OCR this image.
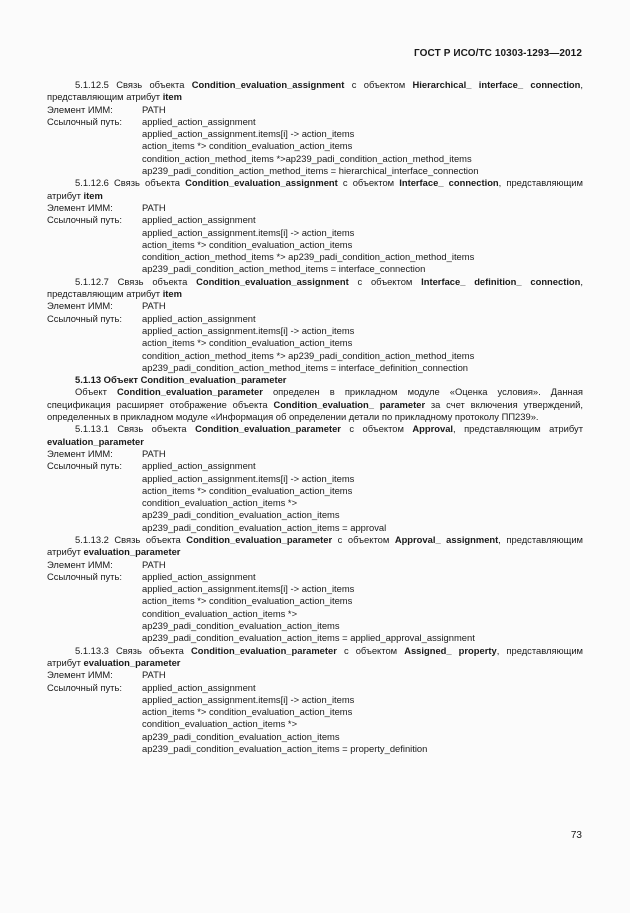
ГОСТ Р ИСО/ТС 10303-1293—2012

5.1.12.5 Связь объекта Condition_evaluation_assignment с объектом Hierarchical_ interface_ connection, представляющим атрибут item

Элемент ИММ:	PATH
Ссылочный путь:	applied_action_assignment

applied_action_assignment.items[i] -> action_items

action_items *> condition_evaluation_action_items

condition_action_method_items *>ap239_padi_condition_action_method_items

ap239_padi_condition_action_method_items = hierarchical_interface_connection

5.1.12.6 Связь объекта Condition_evaluation_assignment с объектом Interface_ connection, представляющим атрибут item

Элемент ИММ:	PATH
Ссылочный путь:	applied_action_assignment

applied_action_assignment.items[i] -> action_items

action_items *> condition_evaluation_action_items

condition_action_method_items *> ap239_padi_condition_action_method_items

ap239_padi_condition_action_method_items = interface_connection

5.1.12.7 Связь объекта Condition_evaluation_assignment с объектом Interface_ definition_ connection, представляющим атрибут item

Элемент ИММ:	PATH
Ссылочный путь:	applied_action_assignment

applied_action_assignment.items[i] -> action_items

action_items *> condition_evaluation_action_items

condition_action_method_items *> ap239_padi_condition_action_method_items

ap239_padi_condition_action_method_items = interface_definition_connection

5.1.13 Объект Condition_evaluation_parameter

Объект Condition_evaluation_parameter определен в прикладном модуле «Оценка условия». Данная спецификация расширяет отображение объекта Condition_evaluation_ parameter за счет включения утверждений, определенных в прикладном модуле «Информация об определении детали по прикладному протоколу ПП239».

5.1.13.1 Связь объекта Condition_evaluation_parameter с объектом Approval, представляющим атрибут evaluation_parameter

Элемент ИММ:	PATH
Ссылочный путь:	applied_action_assignment

applied_action_assignment.items[i] -> action_items

action_items *> condition_evaluation_action_items

condition_evaluation_action_items *>

ap239_padi_condition_evaluation_action_items

ap239_padi_condition_evaluation_action_items = approval

5.1.13.2 Связь объекта Condition_evaluation_parameter с объектом Approval_ assignment, представляющим атрибут evaluation_parameter

Элемент ИММ:	PATH
Ссылочный путь:	applied_action_assignment

applied_action_assignment.items[i] -> action_items

action_items *> condition_evaluation_action_items

condition_evaluation_action_items *>

ap239_padi_condition_evaluation_action_items

ap239_padi_condition_evaluation_action_items = applied_approval_assignment

5.1.13.3 Связь объекта Condition_evaluation_parameter с объектом Assigned_ property, представляющим атрибут evaluation_parameter

Элемент ИММ:	PATH
Ссылочный путь:	applied_action_assignment

applied_action_assignment.items[i] -> action_items

action_items *> condition_evaluation_action_items

condition_evaluation_action_items *>

ap239_padi_condition_evaluation_action_items

ap239_padi_condition_evaluation_action_items = property_definition

73
